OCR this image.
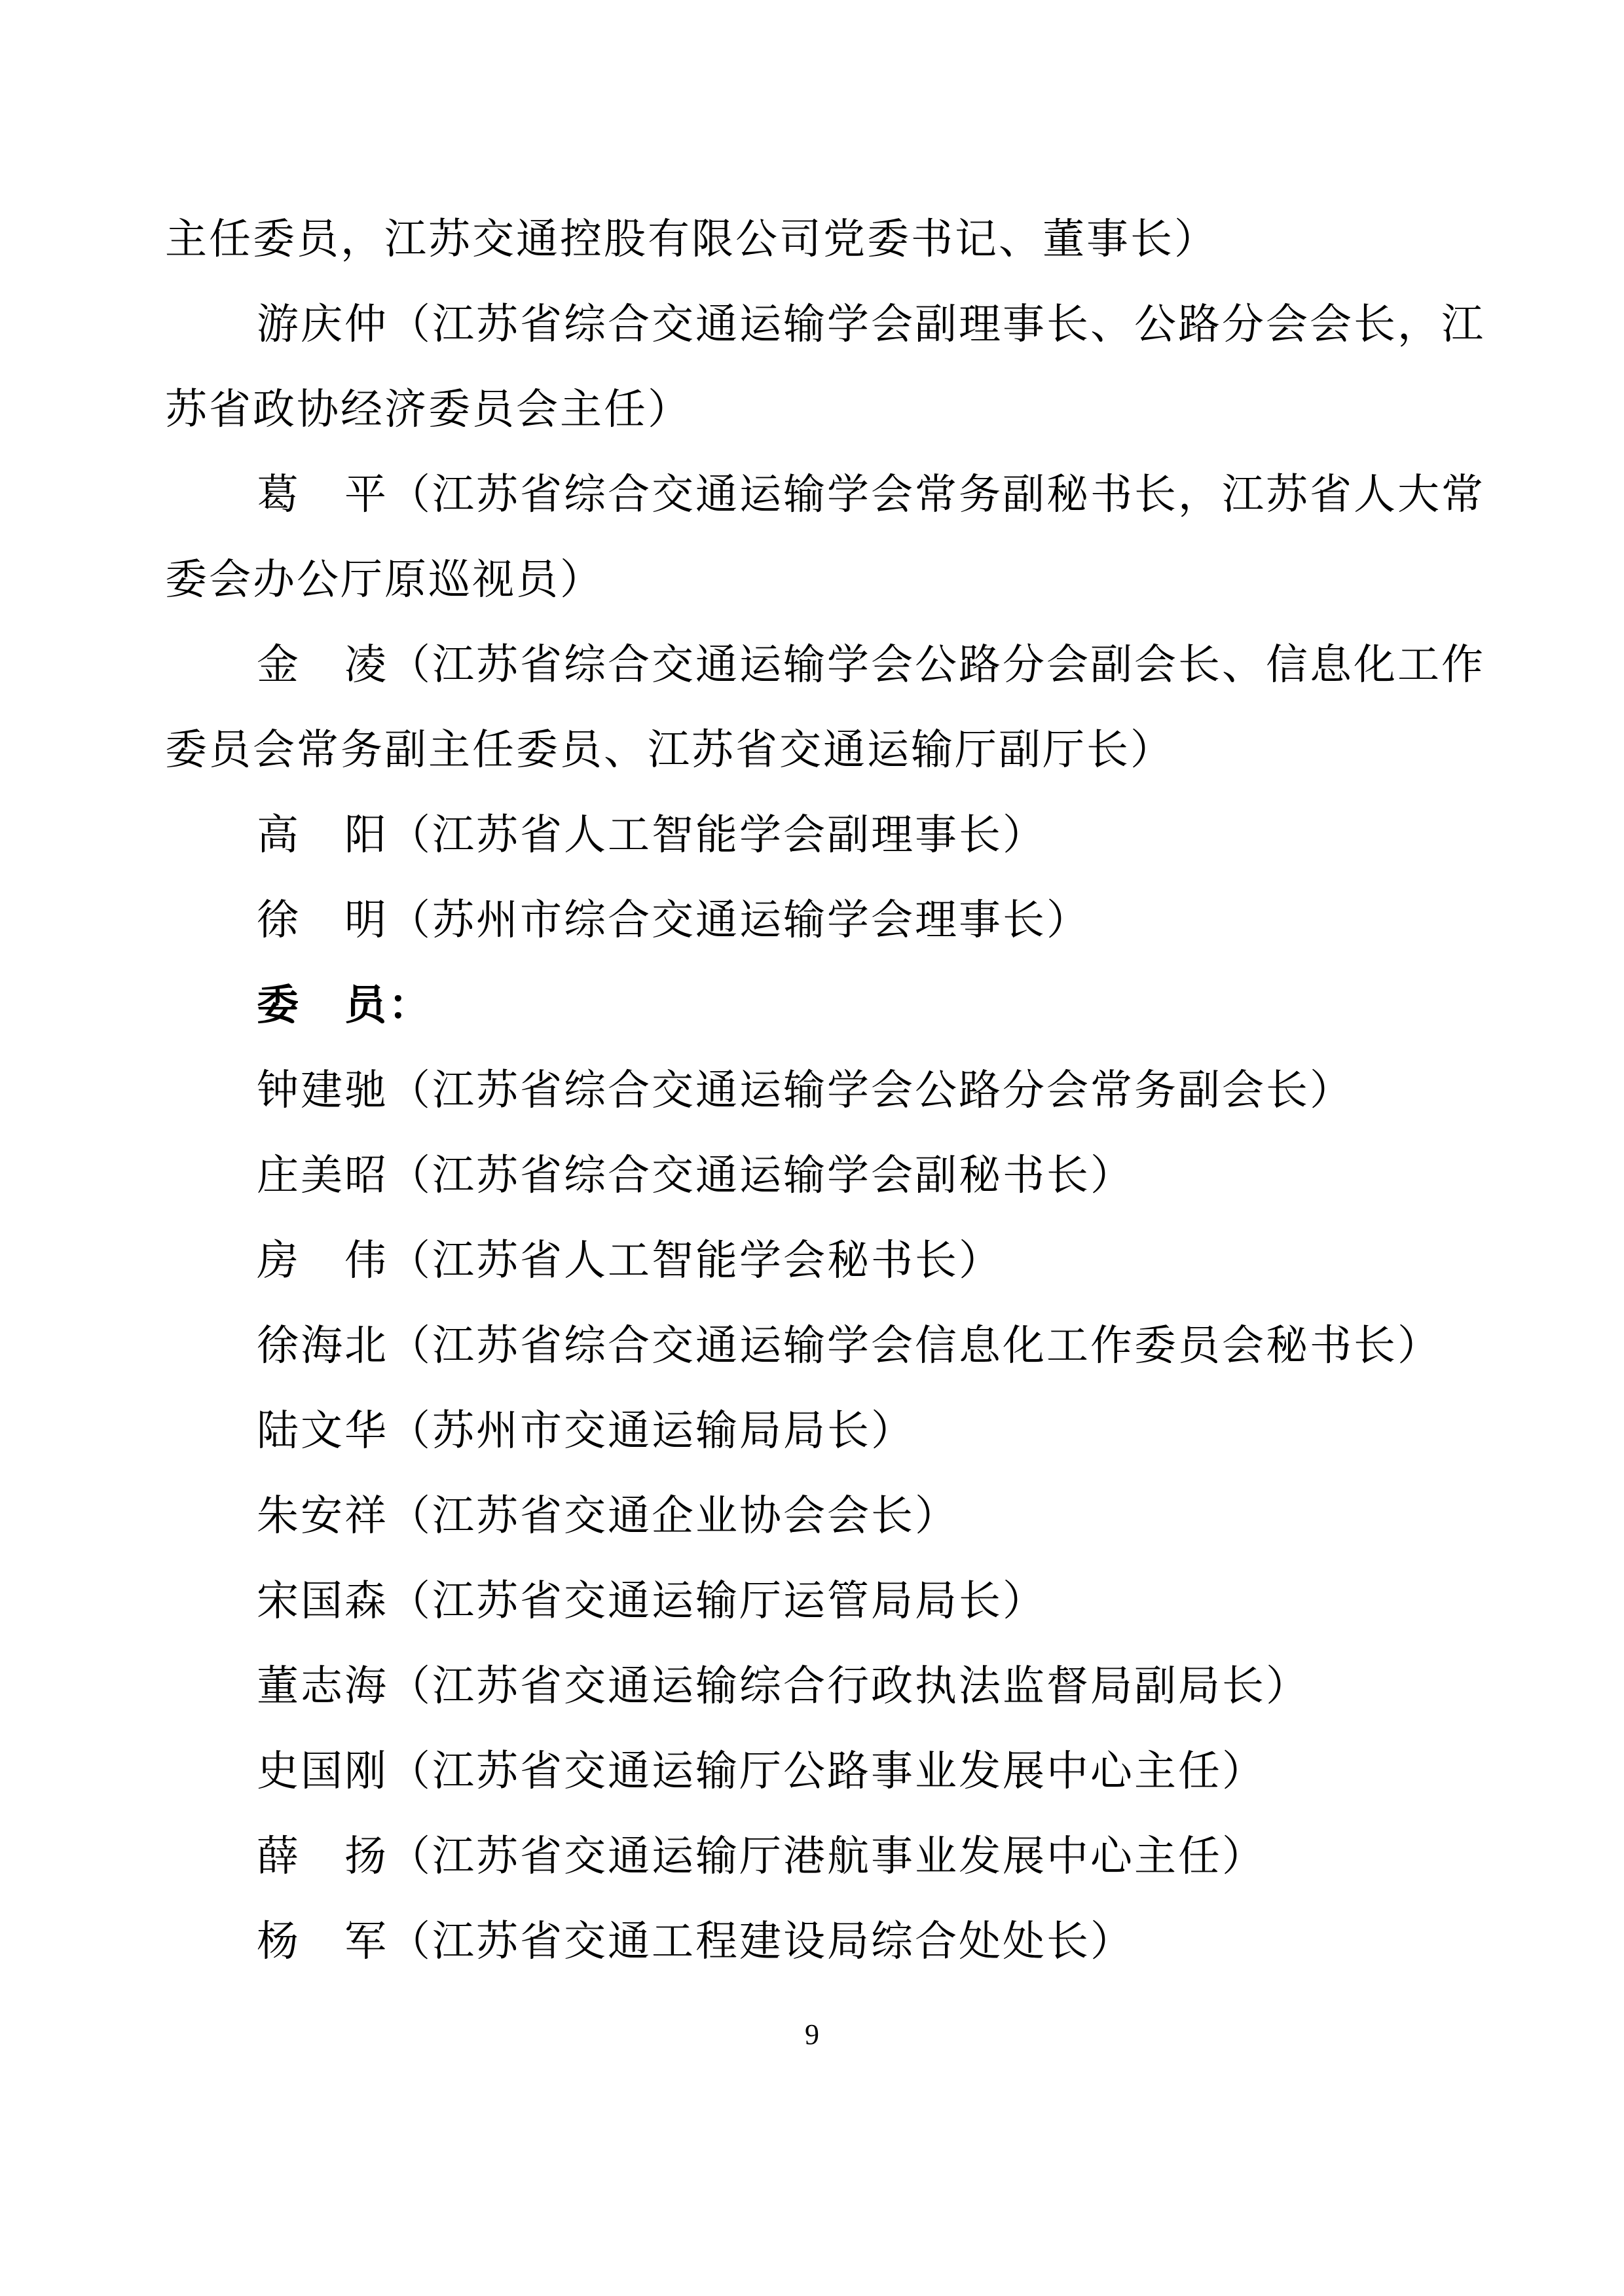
主任委员，江苏交通控股有限公司党委书记、董事长）
游庆仲（江苏省综合交通运输学会副理事长、公路分会会长，江
苏省政协经济委员会主任）
葛　平（江苏省综合交通运输学会常务副秘书长，江苏省人大常
委会办公厅原巡视员）
金　凌（江苏省综合交通运输学会公路分会副会长、信息化工作
委员会常务副主任委员、江苏省交通运输厅副厅长）
高　阳（江苏省人工智能学会副理事长）
徐　明（苏州市综合交通运输学会理事长）
委　员：
钟建驰（江苏省综合交通运输学会公路分会常务副会长）
庄美昭（江苏省综合交通运输学会副秘书长）
房　伟（江苏省人工智能学会秘书长）
徐海北（江苏省综合交通运输学会信息化工作委员会秘书长）
陆文华（苏州市交通运输局局长）
朱安祥（江苏省交通企业协会会长）
宋国森（江苏省交通运输厅运管局局长）
董志海（江苏省交通运输综合行政执法监督局副局长）
史国刚（江苏省交通运输厅公路事业发展中心主任）
薛　扬（江苏省交通运输厅港航事业发展中心主任）
杨　军（江苏省交通工程建设局综合处处长）
9
